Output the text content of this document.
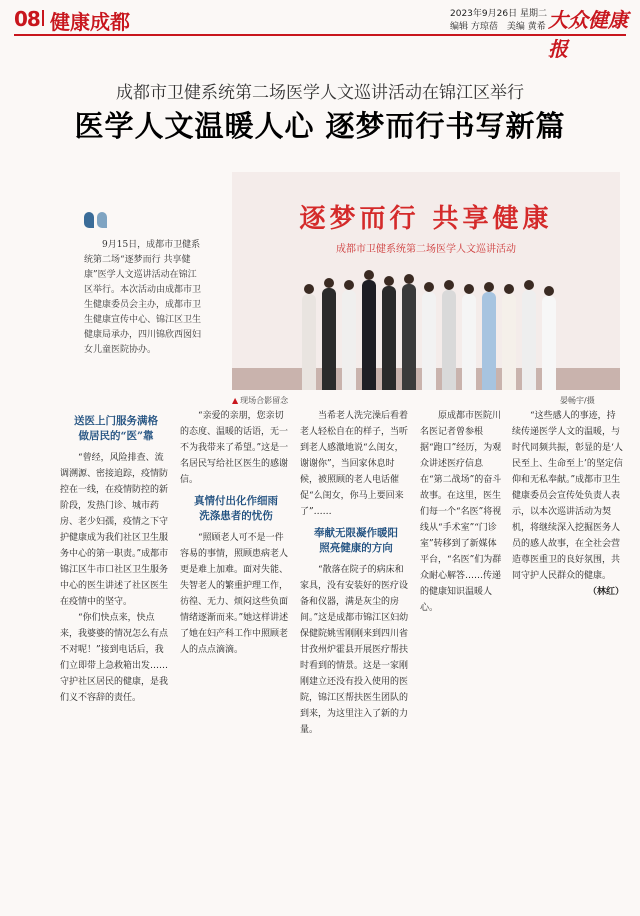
08 健康成都	2023年9月26日 星期二
编辑 方琼蓓　美编 黄希 大众健康报
成都市卫健系统第二场医学人文巡讲活动在锦江区举行
医学人文温暖人心 逐梦而行书写新篇
9月15日，成都市卫健系统第二场“逐梦而行 共享健康”医学人文巡讲活动在锦江区举行。本次活动由成都市卫生健康委员会主办，成都市卫生健康宣传中心、锦江区卫生健康局承办，四川锦欣西囡妇女儿童医院协办。
逐梦而行 共享健康
成都市卫健系统第二场医学人文巡讲活动
▲ 现场合影留念	晏畅宇/摄
送医上门服务满格
做居民的“医”靠

“曾经，风险排查、流调溯源、密接追踪，疫情防控在一线，在疫情防控的新阶段，发热门诊、城市药房、老少妇孺，疫情之下守护健康成为我们社区卫生服务中心的第一职责。”成都市锦江区牛市口社区卫生服务中心的医生讲述了社区医生在疫情中的坚守。

“你们快点来，快点来，我婆婆的情况怎么有点不对呢！”接到电话后，我们立即带上急救箱出发……守护社区居民的健康，是我们义不容辞的责任。

“亲爱的亲朋，您亲切的态度、温暖的话语，无一不为我带来了希望。”这是一名居民写给社区医生的感谢信。

真情付出化作细雨
洗涤患者的忧伤

“照顾老人可不是一件容易的事情，照顾患病老人更是难上加难。面对失能、失智老人的繁重护理工作，彷徨、无力、烦闷这些负面情绪逐渐而来。”她这样讲述了她在妇产科工作中照顾老人的点点滴滴。

当希老人洗完澡后看着老人轻松自在的样子，当听到老人感激地说“么闺女，谢谢你”，当回家休息时候，被照顾的老人电话催促“么闺女，你马上要回来了”……

奉献无限凝作暖阳
照亮健康的方向

“散落在院子的病床和家具，没有安装好的医疗设备和仪器，满是灰尘的房间。”这是成都市锦江区妇幼保健院姚雪刚刚来到四川省甘孜州炉霍县开展医疗帮扶时看到的情景。这是一家刚刚建立还没有投入使用的医院，锦江区帮扶医生团队的到来，为这里注入了新的力量。

原成都市医院川名医记者曾参根据“跑口”经历，为观众讲述医疗信息在“第二战场”的奋斗故事。在这里，医生们每一个“名医”将视线从“手术室”“门诊室”转移到了新媒体平台，“名医”们为群众耐心解答……传递的健康知识温暖人心。

“这些感人的事迹，持续传递医学人文的温暖，与时代同频共振，彰显的是‘人民至上、生命至上’的坚定信仰和无私奉献。”成都市卫生健康委员会宣传处负责人表示，以本次巡讲活动为契机，将继续深入挖掘医务人员的感人故事，在全社会营造尊医重卫的良好氛围，共同守护人民群众的健康。

（林红）
